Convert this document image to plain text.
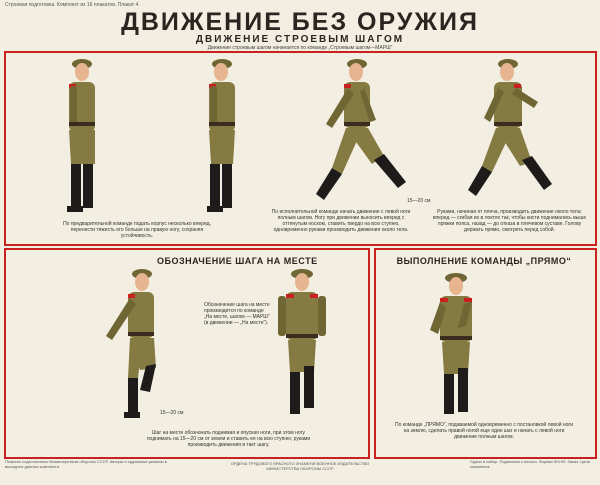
Строевая подготовка. Комплект из 16 плакатов. Плакат 4.
ДВИЖЕНИЕ БЕЗ ОРУЖИЯ
ДВИЖЕНИЕ СТРОЕВЫМ ШАГОМ
Движение строевым шагом начинается по команде „Строевым шагом—МАРШ“
15—20 см
По предварительной команде подать корпус несколько вперед, перенести тяжесть его больше на правую ногу, сохраняя устойчивость.
По исполнительной команде начать движение с левой ноги полным шагом. Ногу при движении выносить вперед с оттянутым носком, ставить твердо на всю ступню, одновременно руками производить движения около тела.
Руками, начиная от плеча, производить движение около тела: вперед — сгибая их в локтях так, чтобы кисти поднимались выше пряжки пояса, назад — до отказа в плечевом суставе. Голову держать прямо, смотреть перед собой.
ОБОЗНАЧЕНИЕ ШАГА НА МЕСТЕ
Обозначение шага на месте производится по команде „На месте, шагом — МАРШ“ (в движении — „На месте“).
15—20 см
Шаг на месте обозначать поднимая и опуская ноги, при этом ногу поднимать на 15—20 см от земли и ставить ее на всю ступню; руками производить движения в такт шагу.
ВЫПОЛНЕНИЕ КОМАНДЫ „ПРЯМО“
По команде „ПРЯМО“, подаваемой одновременно с постановкой левой ноги на землю, сделать правой ногой еще один шаг и начать с левой ноги движение полным шагом.
Плакаты подготовлены Министерством обороны СССР. Авторы и художники указаны в выходных данных комплекта.
ОРДЕНА ТРУДОВОГО КРАСНОГО ЗНАМЕНИ ВОЕННОЕ ИЗДАТЕЛЬСТВО МИНИСТЕРСТВА ОБОРОНЫ СССР
Сдано в набор. Подписано к печати. Формат 60×90. Заказ. Цена комплекта.
